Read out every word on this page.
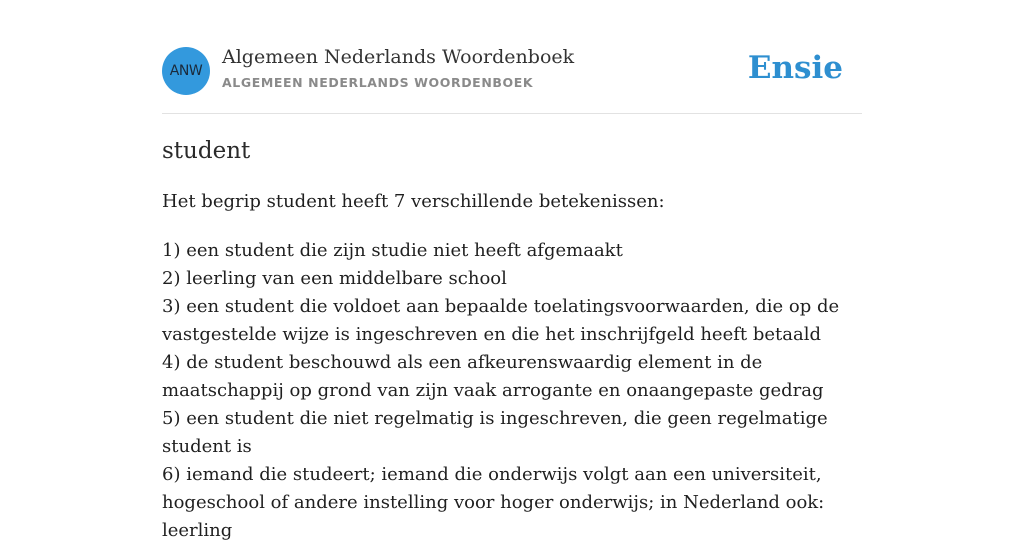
ANW
Algemeen Nederlands Woordenboek
ALGEMEEN NEDERLANDS WOORDENBOEK	Ensie
student

Het begrip student heeft 7 verschillende betekenissen:

1) een student die zijn studie niet heeft afgemaakt
2) leerling van een middelbare school
3) een student die voldoet aan bepaalde toelatingsvoorwaarden, die op de vastgestelde wijze is ingeschreven en die het inschrijfgeld heeft betaald
4) de student beschouwd als een afkeurenswaardig element in de maatschappij op grond van zijn vaak arrogante en onaangepaste gedrag
5) een student die niet regelmatig is ingeschreven, die geen regelmatige student is
6) iemand die studeert; iemand die onderwijs volgt aan een universiteit, hogeschool of andere instelling voor hoger onderwijs; in Nederland ook: leerling
